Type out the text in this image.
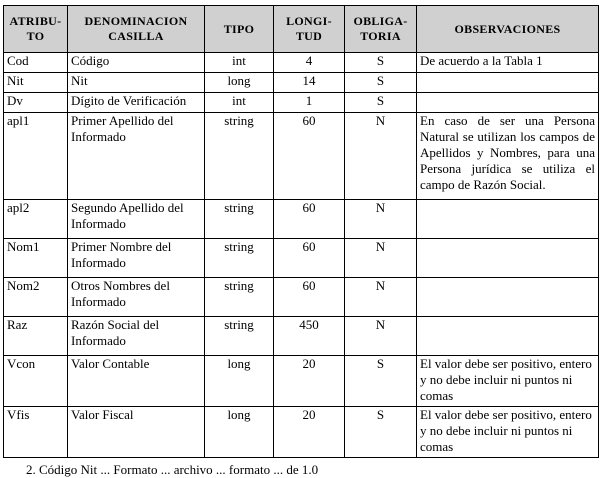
ATRIBU-TO	DENOMINACION CASILLA	TIPO	LONGI-TUD	OBLIGA-TORIA	OBSERVACIONES
Cod	Código	int	4	S	De acuerdo a la Tabla 1
Nit	Nit	long	14	S	
Dv	Dígito de Verificación	int	1	S	
apl1	Primer Apellido del Informado	string	60	N	En caso de ser una Persona Natural se utilizan los campos de Apellidos y Nombres, para una Persona jurídica se utiliza el campo de Razón Social.
apl2	Segundo Apellido del Informado	string	60	N	
Nom1	Primer Nombre del Informado	string	60	N	
Nom2	Otros Nombres del Informado	string	60	N	
Raz	Razón Social del Informado	string	450	N	
Vcon	Valor Contable	long	20	S	El valor debe ser positivo, entero y no debe incluir ni puntos ni comas
Vfis	Valor Fiscal	long	20	S	El valor debe ser positivo, entero y no debe incluir ni puntos ni comas
2. Código Nit ... Formato ... archivo ... formato ... de 1.0
